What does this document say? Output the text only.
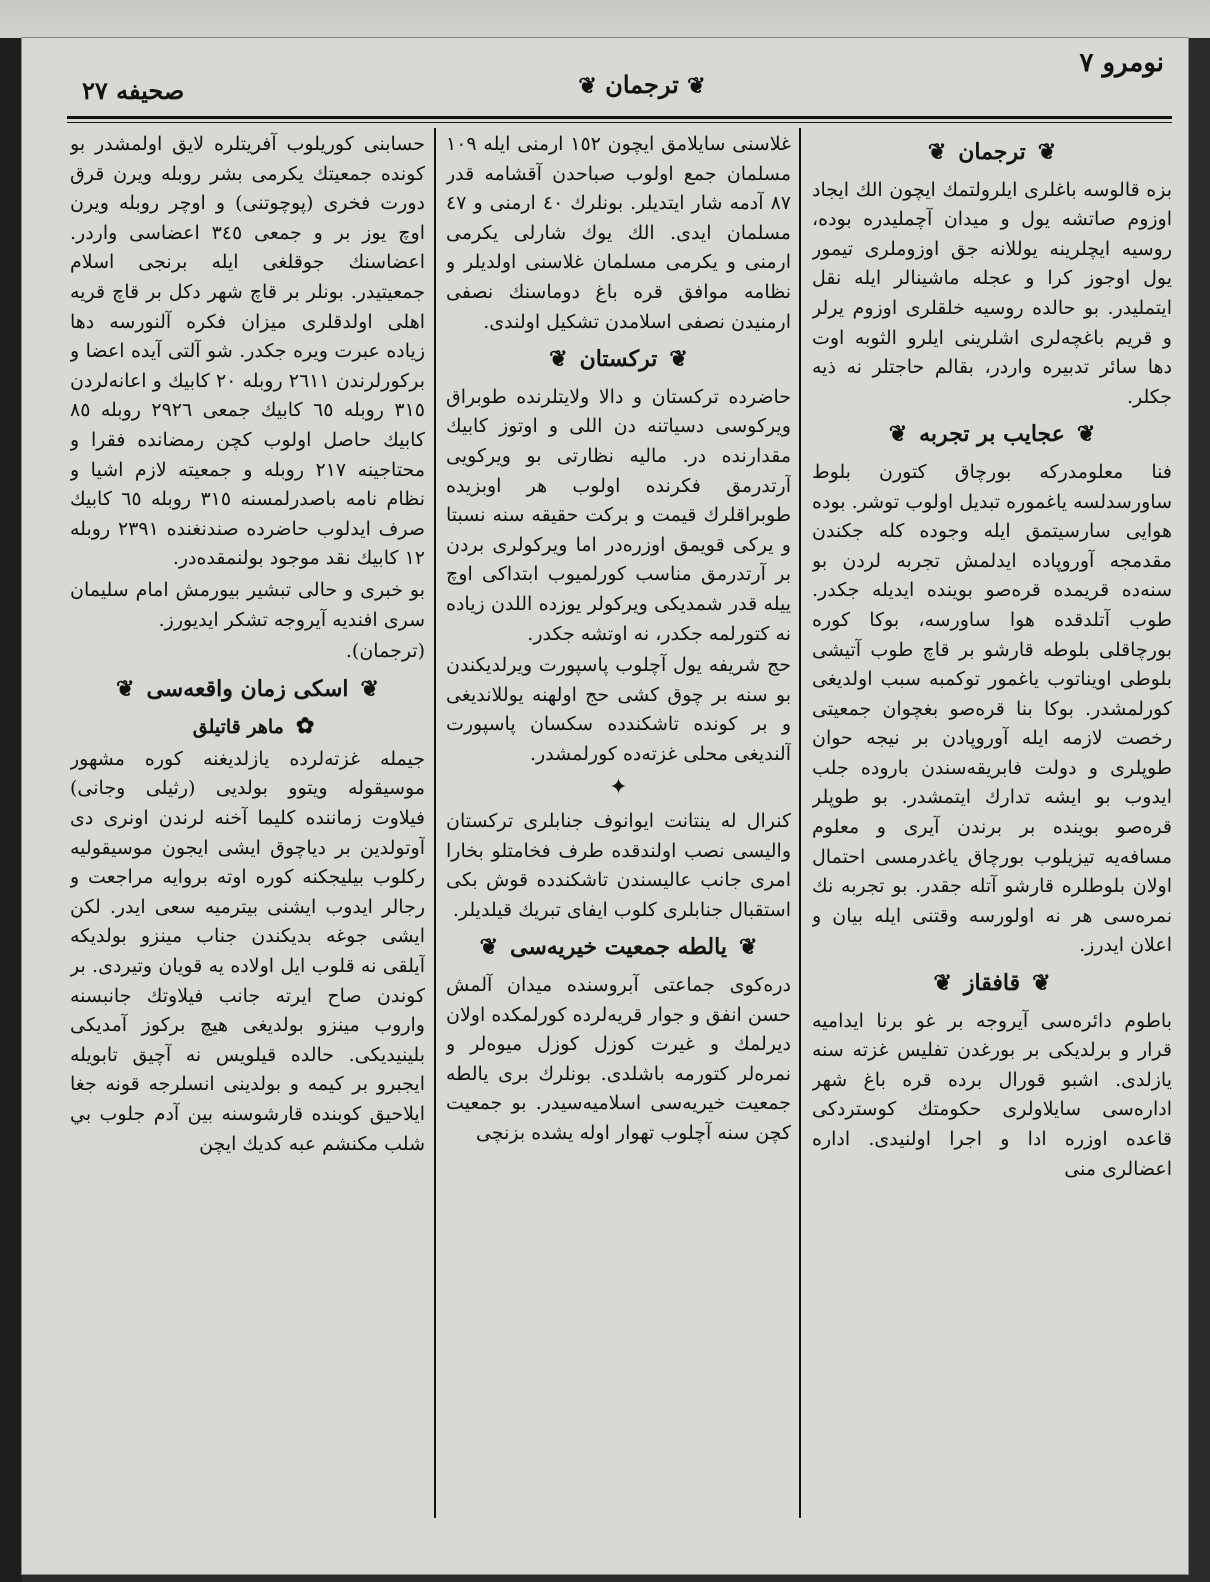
نومرو ٧
❦ ترجمان ❦
صحيفه ٢٧
❦ترجمان❦

بزه قالوسه باغلرى ايلرولتمك ايچون الك ايجاد اوزوم صاتشه يول و ميدان آچمليدره بوده، روسيه ايچلرينه يوللانه جق اوزوملرى تيمور يول اوجوز كرا و عجله ماشينالر ايله نقل ايتمليدر. بو حالده روسيه خلقلرى اوزوم يرلر و قريم باغچه‌لرى اشلرينى ايلرو الثوبه اوت دها سائر تدبيره واردر، بقالم حاجتلر نه ذيه جكلر.

❦عجايب بر تجربه❦

فنا معلومدركه بورچاق كتورن بلوط ساورسدلسه ياغموره تبديل اولوب توشر. بوده هوايى سارسيتمق ايله وجوده كله جكندن مقدمجه آوروپاده ايدلمش تجربه لردن بو سنه‌ده قريمده قره‌صو بوينده ايديله جكدر. طوب آتلدقده هوا ساورسه، بوكا كوره بورچاقلى بلوطه قارشو بر قاچ طوب آتيشى بلوطى اويناتوب ياغمور توكمبه سبب اولديغى كورلمشدر. بوكا بنا قره‌صو بغچوان جمعيتى رخصت لازمه ايله آوروپادن بر نيجه حوان طوپلرى و دولت فابريقه‌سندن باروده جلب ايدوب بو ايشه تدارك ايتمشدر. بو طوپلر قره‌صو بوينده بر برندن آيرى و معلوم مسافه‌يه تيزيلوب بورچاق ياغدرمسى احتمال اولان بلوطلره قارشو آتله جقدر. بو تجربه نك نمره‌سى هر نه اولورسه وقتنى ايله بيان و اعلان ايدرز.

❦قافقاز❦

باطوم دائره‌سى آيروجه بر غو برنا ايداميه قرار و برلديكى بر بورغدن تفليس غزته سنه يازلدى. اشبو قورال برده قره باغ شهر اداره‌سى سايلاولرى حكومتك كوستردكى قاعده اوزره ادا و اجرا اولنيدى. اداره اعضالرى منى

غلاسنى سايلامق ايچون ١٥٢ ارمنى ايله ١٠٩ مسلمان جمع اولوب صباحدن آقشامه قدر ٨٧ آدمه شار ايتديلر. بونلرك ٤٠ ارمنى و ٤٧ مسلمان ايدى. الك يوك شارلى يكرمى ارمنى و يكرمى مسلمان غلاسنى اولديلر و نظامه موافق قره باغ دوماسنك نصفى ارمنيدن نصفى اسلامدن تشكيل اولندى.

❦تركستان❦

حاضرده تركستان و دالا ولايتلرنده طوبراق ويركوسى دسياتنه دن اللى و اوتوز كابيك مقدارنده در. ماليه نظارتى بو ويركويى آرتدرمق فكرنده اولوب هر اوبزيده طوبراقلرك قيمت و بركت حقيقه سنه نسبتا و يركى قويمق اوزره‌در اما ويركولرى بردن بر آرتدرمق مناسب كورلميوب ابتداكى اوچ ييله قدر شمديكى ويركولر يوزده اللدن زياده نه كتورلمه جكدر، نه اوتشه جكدر.

حج شريفه يول آچلوب پاسپورت ويرلديكندن بو سنه بر چوق كشى حج اولهنه يوللانديغى و بر كونده تاشكندده سكسان پاسپورت آلنديغى محلى غزته‌ده كورلمشدر.

✦

كنرال له ينتانت ايوانوف جنابلرى تركستان واليسى نصب اولندقده طرف فخامتلو بخارا امرى جانب عاليسندن تاشكندده قوش بكى استقبال جنابلرى كلوب ايفاى تبريك قيلديلر.

❦يالطه جمعيت خيريه‌سى❦

دره‌كوى جماعتى آبروسنده ميدان آلمش حسن انفق و جوار قريه‌لرده كورلمكده اولان ديرلمك و غيرت كوزل كوزل ميوه‌لر و نمره‌لر كتورمه باشلدى. بونلرك برى يالطه جمعيت خيريه‌سى اسلاميه‌سيدر. بو جمعيت كچن سنه آچلوب تهوار اوله يشده بزنچى

حسابنى كوريلوب آفريتلره لايق اولمشدر بو كونده جمعيتك يكرمى بشر روبله ويرن قرق دورت فخرى (پوچوتنى) و اوچر روبله ويرن اوچ يوز بر و جمعى ٣٤٥ اعضاسى واردر. اعضاسنك جوقلغى ايله برنجى اسلام جمعيتيدر. بونلر بر قاچ شهر دكل بر قاچ قريه اهلى اولدقلرى ميزان فكره آلنورسه دها زياده عبرت ويره جكدر. شو آلتى آيده اعضا و بركورلرندن ٢٦١١ روبله ٢٠ كابيك و اعانه‌لردن ٣١٥ روبله ٦٥ كابيك جمعى ٢٩٢٦ روبله ٨٥ كابيك حاصل اولوب كچن رمضانده فقرا و محتاجينه ٢١٧ روبله و جمعيته لازم اشيا و نظام نامه باصدرلمسنه ٣١٥ روبله ٦٥ كابيك صرف ايدلوب حاضرده صندنغنده ٢٣٩١ روبله ١٢ كابيك نقد موجود بولنمقده‌در.

بو خبرى و حالى تبشير بيورمش امام سليمان سرى افنديه آيروجه تشكر ايديورز.

(ترجمان).

❦اسكى زمان واقعه‌سى❦
✿ماهر قاتيلق

جيمله غزته‌لرده يازلديغنه كوره مشهور موسيقوله ويتوو بولديى (رثيلى وجانى) فيلاوت زماننده كليما آخنه لرندن اونرى دى آوتولدين بر دياچوق ايشى ايجون موسيقوليه ركلوب بيليجكنه كوره اوته بروايه مراجعت و رجالر ايدوب ايشنى بيترميه سعى ايدر. لكن ايشى جوغه بديكندن جناب مينزو بولديكه آيلقى نه قلوب ايل اولاده يه قويان وتيردى. بر كوندن صاح ايرته جانب فيلاوتك جانبسنه واروب مينزو بولديغى هيچ بركوز آمديكى بلينيديكى. حالده قيلويس نه آچيق تابويله ايجبرو بر كيمه و بولدينى انسلرجه قونه جغا ايلاحيق كوبنده قارشوسنه بين آدم جلوب بي شلب مكنشم عبه كديك ايچن
